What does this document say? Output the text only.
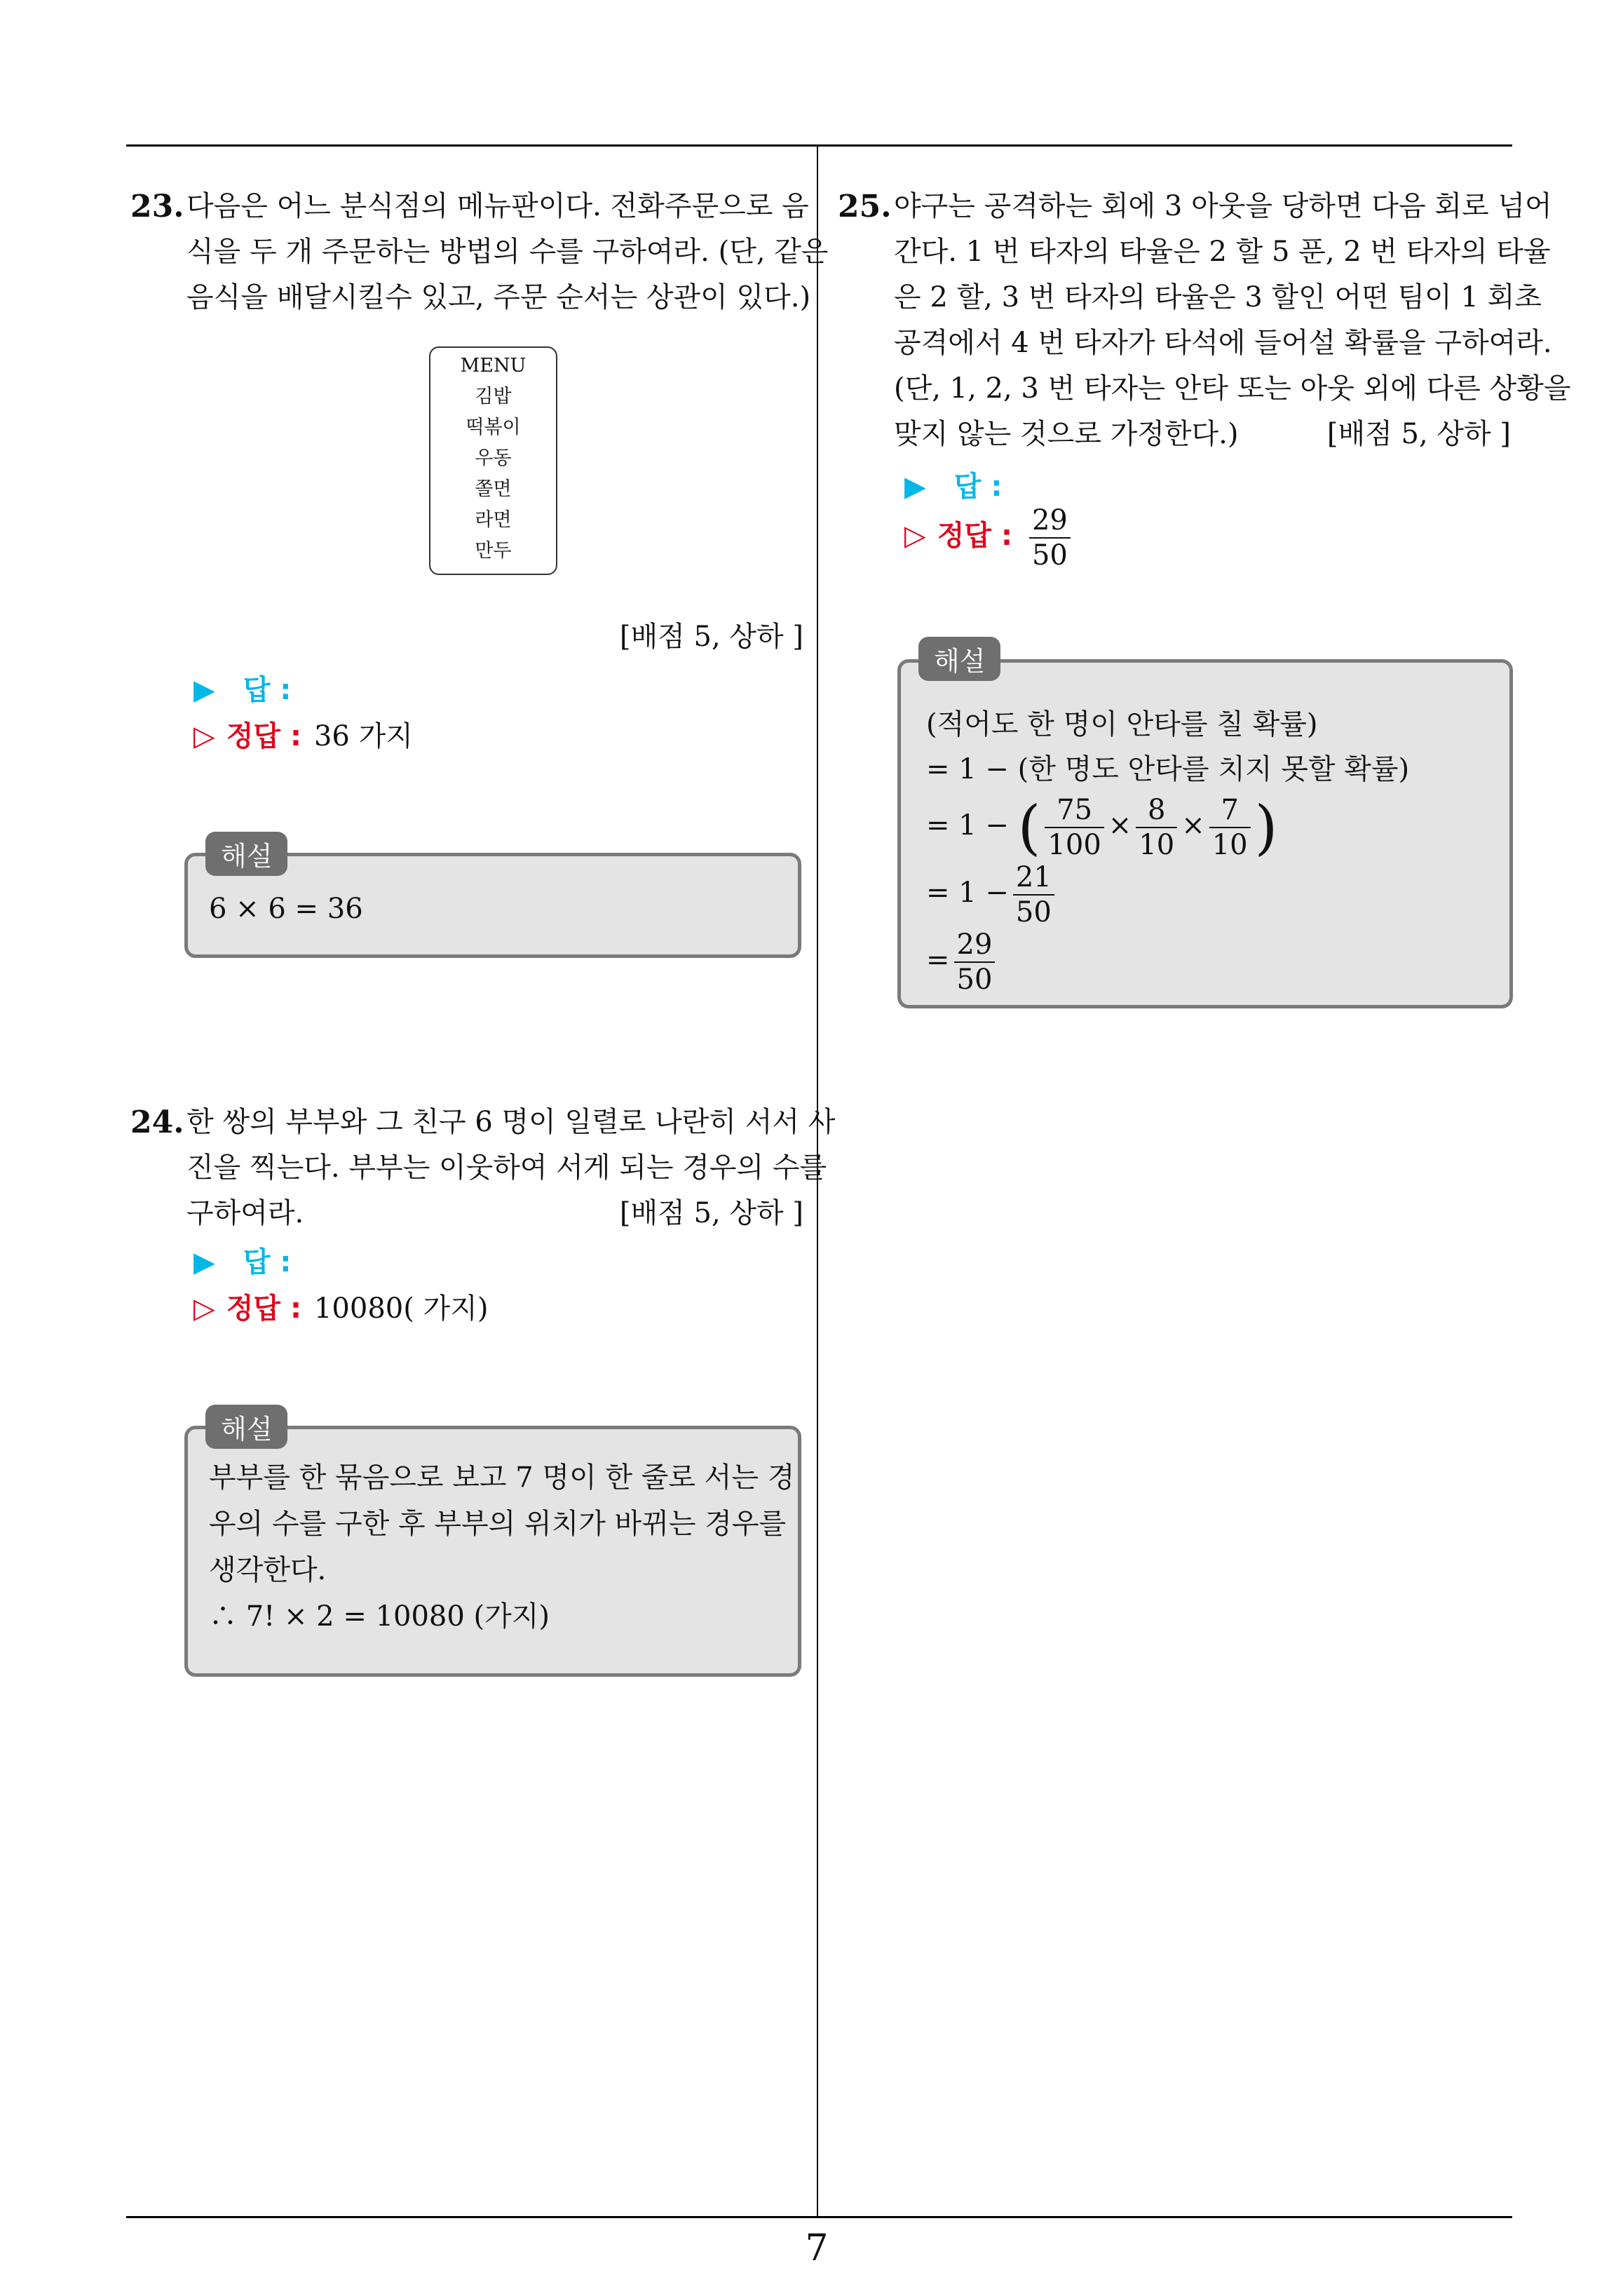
23. 다음은 어느 분식점의 메뉴판이다. 전화주문으로 음
식을 두 개 주문하는 방법의 수를 구하여라. (단, 같은
음식을 배달시킬수 있고, 주문 순서는 상관이 있다.)
MENU
김밥
떡볶이
우동
쫄면
라면
만두
[배점 5, 상하 ]
▶ 답 :
▷ 정답 : 36 가지
6 × 6 = 36
해설
24. 한 쌍의 부부와 그 친구 6 명이 일렬로 나란히 서서 사
진을 찍는다. 부부는 이웃하여 서게 되는 경우의 수를
구하여라.	[배점 5, 상하 ]
▶ 답 :
▷ 정답 : 10080( 가지)
부부를 한 묶음으로 보고 7 명이 한 줄로 서는 경
우의 수를 구한 후 부부의 위치가 바뀌는 경우를
생각한다.
∴ 7! × 2 = 10080 (가지)
해설
25. 야구는 공격하는 회에 3 아웃을 당하면 다음 회로 넘어
간다. 1 번 타자의 타율은 2 할 5 푼, 2 번 타자의 타율
은 2 할, 3 번 타자의 타율은 3 할인 어떤 팀이 1 회초
공격에서 4 번 타자가 타석에 들어설 확률을 구하여라.
(단, 1, 2, 3 번 타자는 안타 또는 아웃 외에 다른 상황을
맞지 않는 것으로 가정한다.)	[배점 5, 상하 ]
▶ 답 :
▷ 정답 : $\frac{29}{50}$
(적어도 한 명이 안타를 칠 확률)
= 1 − (한 명도 안타를 치지 못할 확률)
= 1 − ( $\frac{75}{100} \times \frac{8}{10} \times \frac{7}{10}$ )
= $1 - \frac{21}{50}$
= $\frac{29}{50}$
해설
7
